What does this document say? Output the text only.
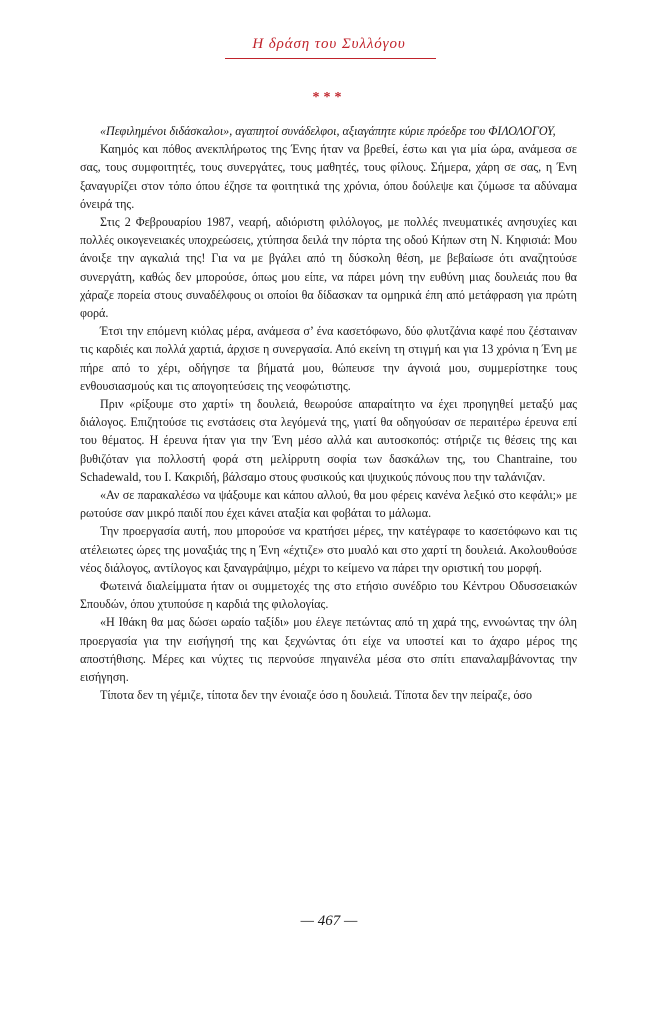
Η δράση του Συλλόγου
***

«Πεφιλημένοι διδάσκαλοι», αγαπητοί συνάδελφοι, αξιαγάπητε κύριε πρόεδρε του ΦΙΛΟΛΟΓΟΥ,

Καημός και πόθος ανεκπλήρωτος της Ένης ήταν να βρεθεί, έστω και για μία ώρα, ανάμεσα σε σας, τους συμφοιτητές, τους συνεργάτες, τους μαθητές, τους φίλους. Σήμερα, χάρη σε σας, η Ένη ξαναγυρίζει στον τόπο όπου έζησε τα φοιτητικά της χρόνια, όπου δούλεψε και ζύμωσε τα αδύναμα όνειρά της.

Στις 2 Φεβρουαρίου 1987, νεαρή, αδιόριστη φιλόλογος, με πολλές πνευματικές ανησυχίες και πολλές οικογενειακές υποχρεώσεις, χτύπησα δειλά την πόρτα της οδού Κήπων στη Ν. Κηφισιά: Μου άνοιξε την αγκαλιά της! Για να με βγάλει από τη δύσκολη θέση, με βεβαίωσε ότι αναζητούσε συνεργάτη, καθώς δεν μπορούσε, όπως μου είπε, να πάρει μόνη την ευθύνη μιας δουλειάς που θα χάραζε πορεία στους συναδέλφους οι οποίοι θα δίδασκαν τα ομηρικά έπη από μετάφραση για πρώτη φορά.

Έτσι την επόμενη κιόλας μέρα, ανάμεσα σ’ ένα κασετόφωνο, δύο φλυτζάνια καφέ που ζέσταιναν τις καρδιές και πολλά χαρτιά, άρχισε η συνεργασία. Από εκείνη τη στιγμή και για 13 χρόνια η Ένη με πήρε από το χέρι, οδήγησε τα βήματά μου, θώπευσε την άγνοιά μου, συμμερίστηκε τους ενθουσιασμούς και τις απογοητεύσεις της νεοφώτιστης.

Πριν «ρίξουμε στο χαρτί» τη δουλειά, θεωρούσε απαραίτητο να έχει προηγηθεί μεταξύ μας διάλογος. Επιζητούσε τις ενστάσεις στα λεγόμενά της, γιατί θα οδηγούσαν σε περαιτέρω έρευνα επί του θέματος. Η έρευνα ήταν για την Ένη μέσο αλλά και αυτοσκοπός: στήριζε τις θέσεις της και βυθιζόταν για πολλοστή φορά στη μελίρρυτη σοφία των δασκάλων της, του Chantraine, του Schadewald, του Ι. Κακριδή, βάλσαμο στους φυσικούς και ψυχικούς πόνους που την ταλάνιζαν.

«Αν σε παρακαλέσω να ψάξουμε και κάπου αλλού, θα μου φέρεις κανένα λεξικό στο κεφάλι;» με ρωτούσε σαν μικρό παιδί που έχει κάνει αταξία και φοβάται το μάλωμα.

Την προεργασία αυτή, που μπορούσε να κρατήσει μέρες, την κατέγραφε το κασετόφωνο και τις ατέλειωτες ώρες της μοναξιάς της η Ένη «έχτιζε» στο μυαλό και στο χαρτί τη δουλειά. Ακολουθούσε νέος διάλογος, αντίλογος και ξαναγράψιμο, μέχρι το κείμενο να πάρει την οριστική του μορφή.

Φωτεινά διαλείμματα ήταν οι συμμετοχές της στο ετήσιο συνέδριο του Κέντρου Οδυσσειακών Σπουδών, όπου χτυπούσε η καρδιά της φιλολογίας.

«Η Ιθάκη θα μας δώσει ωραίο ταξίδι» μου έλεγε πετώντας από τη χαρά της, εννοώντας την όλη προεργασία για την εισήγησή της και ξεχνώντας ότι είχε να υποστεί και το άχαρο μέρος της αποστήθισης. Μέρες και νύχτες τις περνούσε πηγαινέλα μέσα στο σπίτι επαναλαμβάνοντας την εισήγηση.

Τίποτα δεν τη γέμιζε, τίποτα δεν την ένοιαζε όσο η δουλειά. Τίποτα δεν την πείραζε, όσο

— 467 —
